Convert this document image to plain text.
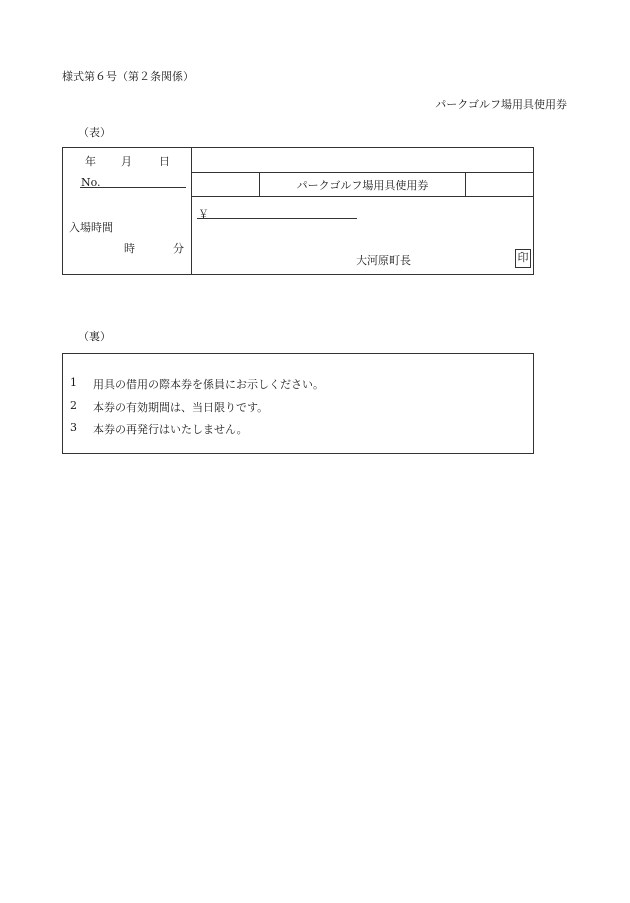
様式第６号（第２条関係）
パークゴルフ場用具使用券
（表）
年 月 日
No.	パークゴルフ場用具使用券
入場時間
時	分
￥
大河原町長	印
（裏）
1	用具の借用の際本券を係員にお示しください。
2	本券の有効期間は、当日限りです。
3	本券の再発行はいたしません。
